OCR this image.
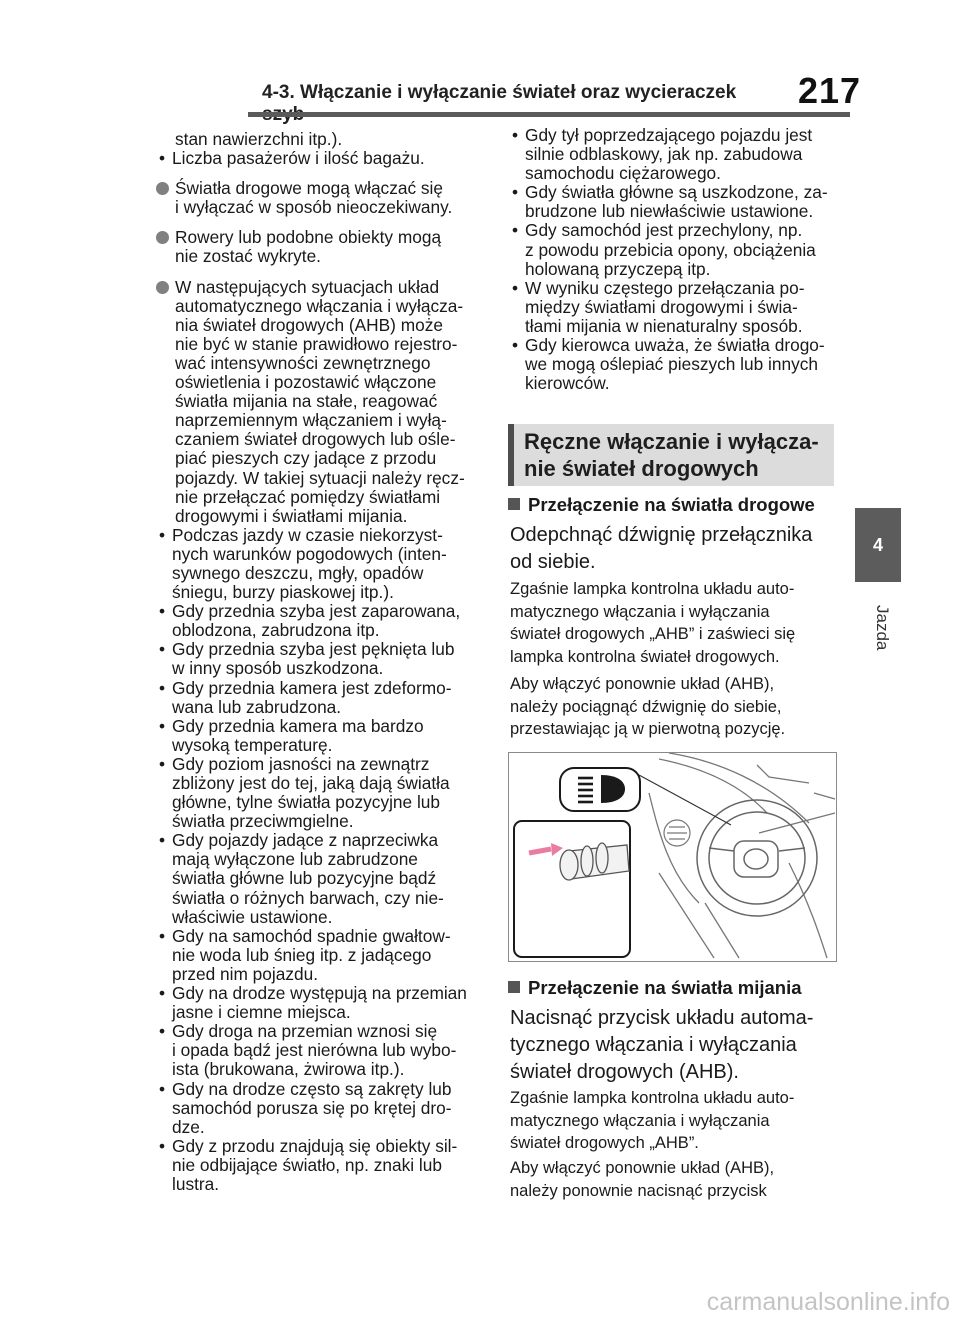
4-3. Włączanie i wyłączanie świateł oraz wycieraczek	217
4
Jazda
stan nawierzchni itp.).

• Liczba pasażerów i ilość bagażu.

Światła drogowe mogą włączać się
i wyłączać w sposób nieoczekiwany.

Rowery lub podobne obiekty mogą
nie zostać wykryte.

W następujących sytuacjach układ
automatycznego włączania i wyłącza-
nia świateł drogowych (AHB) może
nie być w stanie prawidłowo rejestro-
wać intensywności zewnętrznego
oświetlenia i pozostawić włączone
światła mijania na stałe, reagować
naprzemiennym włączaniem i wyłą-
czaniem świateł drogowych lub ośle-
piać pieszych czy jadące z przodu
pojazdy. W takiej sytuacji należy ręcz-
nie przełączać pomiędzy światłami
drogowymi i światłami mijania.

• Podczas jazdy w czasie niekorzyst-
nych warunków pogodowych (inten-
sywnego deszczu, mgły, opadów
śniegu, burzy piaskowej itp.).

• Gdy przednia szyba jest zaparowana,
oblodzona, zabrudzona itp.

• Gdy przednia szyba jest pęknięta lub
w inny sposób uszkodzona.

• Gdy przednia kamera jest zdeformo-
wana lub zabrudzona.

• Gdy przednia kamera ma bardzo
wysoką temperaturę.

• Gdy poziom jasności na zewnątrz
zbliżony jest do tej, jaką dają światła
główne, tylne światła pozycyjne lub
światła przeciwmgielne.

• Gdy pojazdy jadące z naprzeciwka
mają wyłączone lub zabrudzone
światła główne lub pozycyjne bądź
światła o różnych barwach, czy nie-
właściwie ustawione.

• Gdy na samochód spadnie gwałtow-
nie woda lub śnieg itp. z jadącego
przed nim pojazdu.

• Gdy na drodze występują na przemian
jasne i ciemne miejsca.

• Gdy droga na przemian wznosi się
i opada bądź jest nierówna lub wybo-
ista (brukowana, żwirowa itp.).

• Gdy na drodze często są zakręty lub
samochód porusza się po krętej dro-
dze.

• Gdy z przodu znajdują się obiekty sil-
nie odbijające światło, np. znaki lub
lustra.

• Gdy tył poprzedzającego pojazdu jest
silnie odblaskowy, jak np. zabudowa
samochodu ciężarowego.

• Gdy światła główne są uszkodzone, za-
brudzone lub niewłaściwie ustawione.

• Gdy samochód jest przechylony, np.
z powodu przebicia opony, obciążenia
holowaną przyczepą itp.

• W wyniku częstego przełączania po-
między światłami drogowymi i świa-
tłami mijania w nienaturalny sposób.

• Gdy kierowca uważa, że światła drogo-
we mogą oślepiać pieszych lub innych
kierowców.

Ręczne włączanie i wyłącza-
nie świateł drogowych
Przełączenie na światła drogowe
Odepchnąć dźwignię przełącznika
od siebie.
Zgaśnie lampka kontrolna układu auto-
matycznego włączania i wyłączania
świateł drogowych „AHB” i zaświeci się
lampka kontrolna świateł drogowych.
Aby włączyć ponownie układ (AHB),
należy pociągnąć dźwignię do siebie,
przestawiając ją w pierwotną pozycję.
Przełączenie na światła mijania
Nacisnąć przycisk układu automa-
tycznego włączania i wyłączania
świateł drogowych (AHB).
Zgaśnie lampka kontrolna układu auto-
matycznego włączania i wyłączania
świateł drogowych „AHB”.
Aby włączyć ponownie układ (AHB),
należy ponownie nacisnąć przycisk
carmanualsonline.info
